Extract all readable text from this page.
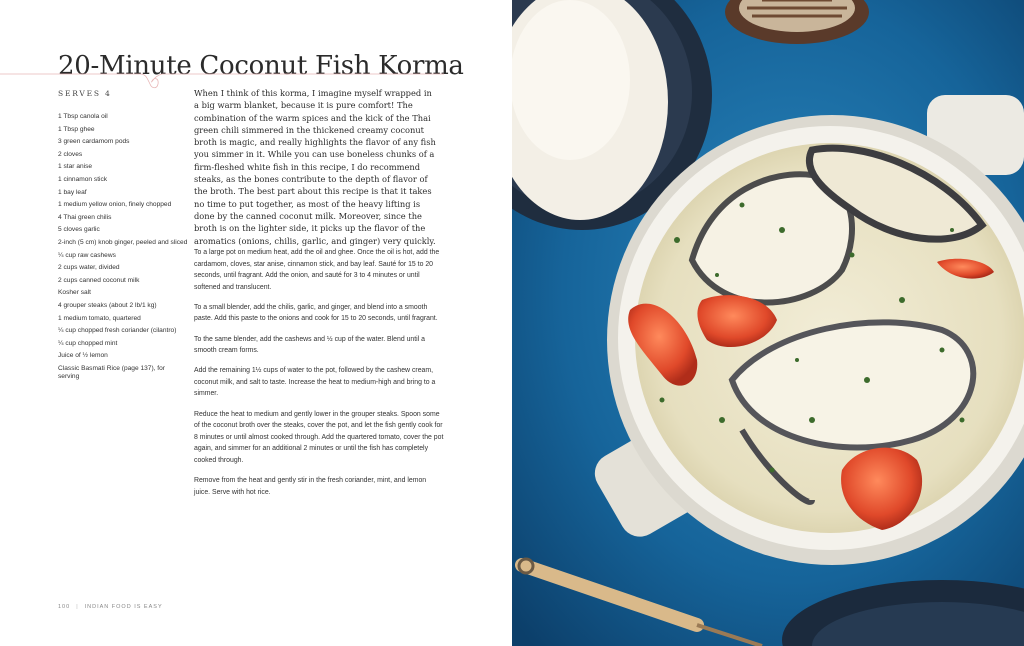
20-Minute Coconut Fish Korma
SERVES 4
1 Tbsp canola oil
1 Tbsp ghee
3 green cardamom pods
2 cloves
1 star anise
1 cinnamon stick
1 bay leaf
1 medium yellow onion, finely chopped
4 Thai green chilis
5 cloves garlic
2-inch (5 cm) knob ginger, peeled and sliced
¼ cup raw cashews
2 cups water, divided
2 cups canned coconut milk
Kosher salt
4 grouper steaks (about 2 lb/1 kg)
1 medium tomato, quartered
¼ cup chopped fresh coriander (cilantro)
¼ cup chopped mint
Juice of ½ lemon
Classic Basmati Rice (page 137), for serving

When I think of this korma, I imagine myself wrapped in a big warm blanket, because it is pure comfort! The combination of the warm spices and the kick of the Thai green chili simmered in the thickened creamy coconut broth is magic, and really highlights the flavor of any fish you simmer in it. While you can use boneless chunks of a firm-fleshed white fish in this recipe, I do recommend steaks, as the bones contribute to the depth of flavor of the broth. The best part about this recipe is that it takes no time to put together, as most of the heavy lifting is done by the canned coconut milk. Moreover, since the broth is on the lighter side, it picks up the flavor of the aromatics (onions, chilis, garlic, and ginger) very quickly.

To a large pot on medium heat, add the oil and ghee. Once the oil is hot, add the cardamom, cloves, star anise, cinnamon stick, and bay leaf. Sauté for 15 to 20 seconds, until fragrant. Add the onion, and sauté for 3 to 4 minutes or until softened and translucent.

To a small blender, add the chilis, garlic, and ginger, and blend into a smooth paste. Add this paste to the onions and cook for 15 to 20 seconds, until fragrant.

To the same blender, add the cashews and ½ cup of the water. Blend until a smooth cream forms.

Add the remaining 1½ cups of water to the pot, followed by the cashew cream, coconut milk, and salt to taste. Increase the heat to medium-high and bring to a simmer.

Reduce the heat to medium and gently lower in the grouper steaks. Spoon some of the coconut broth over the steaks, cover the pot, and let the fish gently cook for 8 minutes or until almost cooked through. Add the quartered tomato, cover the pot again, and simmer for an additional 2 minutes or until the fish has completely cooked through.

Remove from the heat and gently stir in the fresh coriander, mint, and lemon juice. Serve with hot rice.

100 | INDIAN FOOD IS EASY
